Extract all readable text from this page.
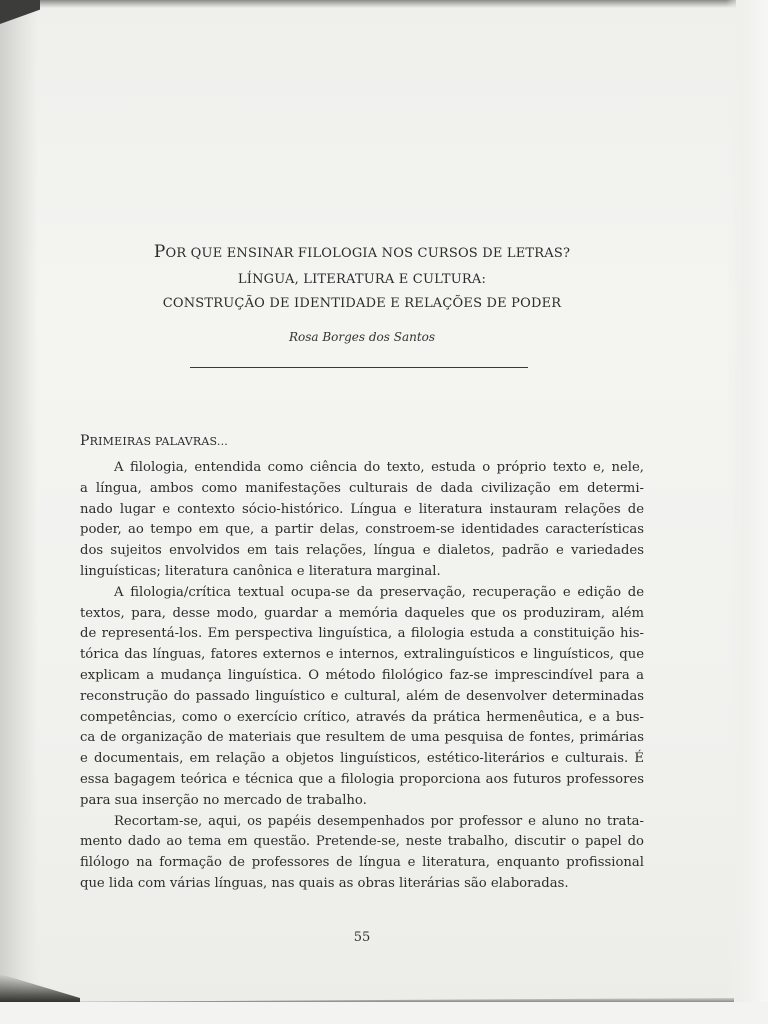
POR QUE ENSINAR FILOLOGIA NOS CURSOS DE LETRAS?
LÍNGUA, LITERATURA E CULTURA:
CONSTRUÇÃO DE IDENTIDADE E RELAÇÕES DE PODER
Rosa Borges dos Santos
PRIMEIRAS PALAVRAS...

A filologia, entendida como ciência do texto, estuda o próprio texto e, nele,
a língua, ambos como manifestações culturais de dada civilização em determi-
nado lugar e contexto sócio-histórico. Língua e literatura instauram relações de
poder, ao tempo em que, a partir delas, constroem-se identidades características
dos sujeitos envolvidos em tais relações, língua e dialetos, padrão e variedades
linguísticas; literatura canônica e literatura marginal.

A filologia/crítica textual ocupa-se da preservação, recuperação e edição de
textos, para, desse modo, guardar a memória daqueles que os produziram, além
de representá-los. Em perspectiva linguística, a filologia estuda a constituição his-
tórica das línguas, fatores externos e internos, extralinguísticos e linguísticos, que
explicam a mudança linguística. O método filológico faz-se imprescindível para a
reconstrução do passado linguístico e cultural, além de desenvolver determinadas
competências, como o exercício crítico, através da prática hermenêutica, e a bus-
ca de organização de materiais que resultem de uma pesquisa de fontes, primárias
e documentais, em relação a objetos linguísticos, estético-literários e culturais. É
essa bagagem teórica e técnica que a filologia proporciona aos futuros professores
para sua inserção no mercado de trabalho.

Recortam-se, aqui, os papéis desempenhados por professor e aluno no trata-
mento dado ao tema em questão. Pretende-se, neste trabalho, discutir o papel do
filólogo na formação de professores de língua e literatura, enquanto profissional
que lida com várias línguas, nas quais as obras literárias são elaboradas.

55
